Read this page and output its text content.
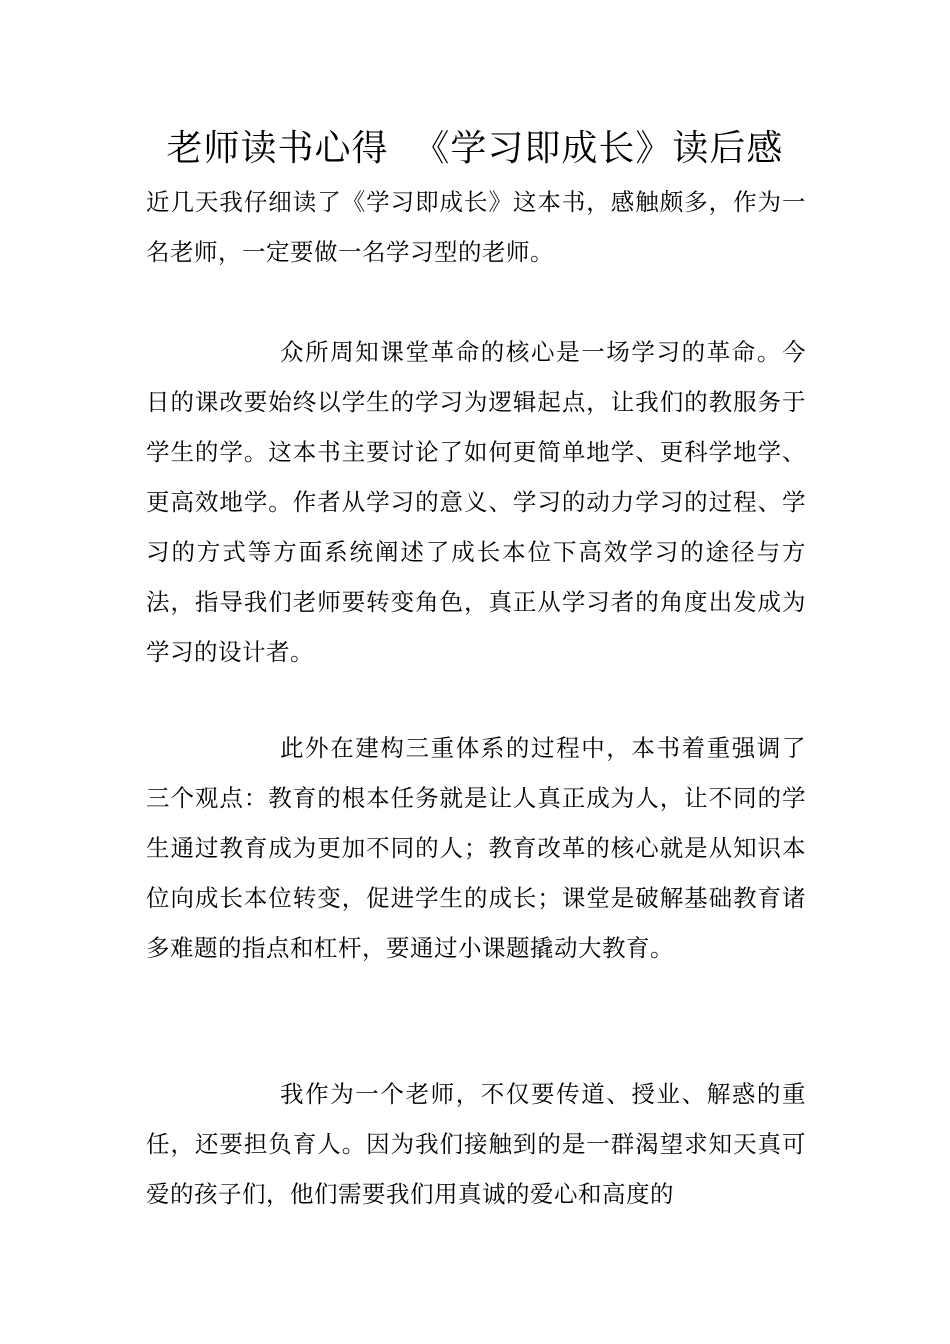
老师读书心得  《学习即成长》读后感
近几天我仔细读了《学习即成长》这本书，感触颇多，作为一名老师，一定要做一名学习型的老师。
众所周知课堂革命的核心是一场学习的革命。今日的课改要始终以学生的学习为逻辑起点，让我们的教服务于学生的学。这本书主要讨论了如何更简单地学、更科学地学、更高效地学。作者从学习的意义、学习的动力学习的过程、学习的方式等方面系统阐述了成长本位下高效学习的途径与方法，指导我们老师要转变角色，真正从学习者的角度出发成为学习的设计者。
此外在建构三重体系的过程中，本书着重强调了三个观点：教育的根本任务就是让人真正成为人，让不同的学生通过教育成为更加不同的人；教育改革的核心就是从知识本位向成长本位转变，促进学生的成长；课堂是破解基础教育诸多难题的指点和杠杆，要通过小课题撬动大教育。
我作为一个老师，不仅要传道、授业、解惑的重任，还要担负育人。因为我们接触到的是一群渴望求知天真可爱的孩子们，他们需要我们用真诚的爱心和高度的
